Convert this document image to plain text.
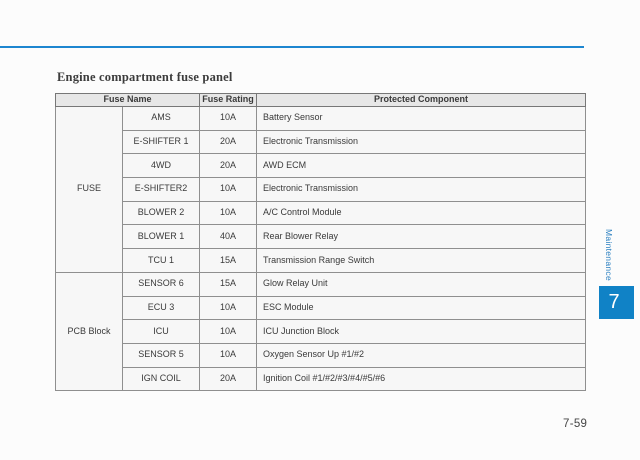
Engine compartment fuse panel
Fuse Name		Fuse Rating	Protected Component
FUSE	AMS	10A	Battery Sensor
	E-SHIFTER 1	20A	Electronic Transmission
	4WD	20A	AWD ECM
	E-SHIFTER2	10A	Electronic Transmission
	BLOWER 2	10A	A/C Control Module
	BLOWER 1	40A	Rear Blower Relay
	TCU 1	15A	Transmission Range Switch
PCB Block	SENSOR 6	15A	Glow Relay Unit
	ECU 3	10A	ESC Module
	ICU	10A	ICU Junction Block
	SENSOR 5	10A	Oxygen Sensor Up #1/#2
	IGN COIL	20A	Ignition Coil #1/#2/#3/#4/#5/#6
Maintenance
7
7-59
